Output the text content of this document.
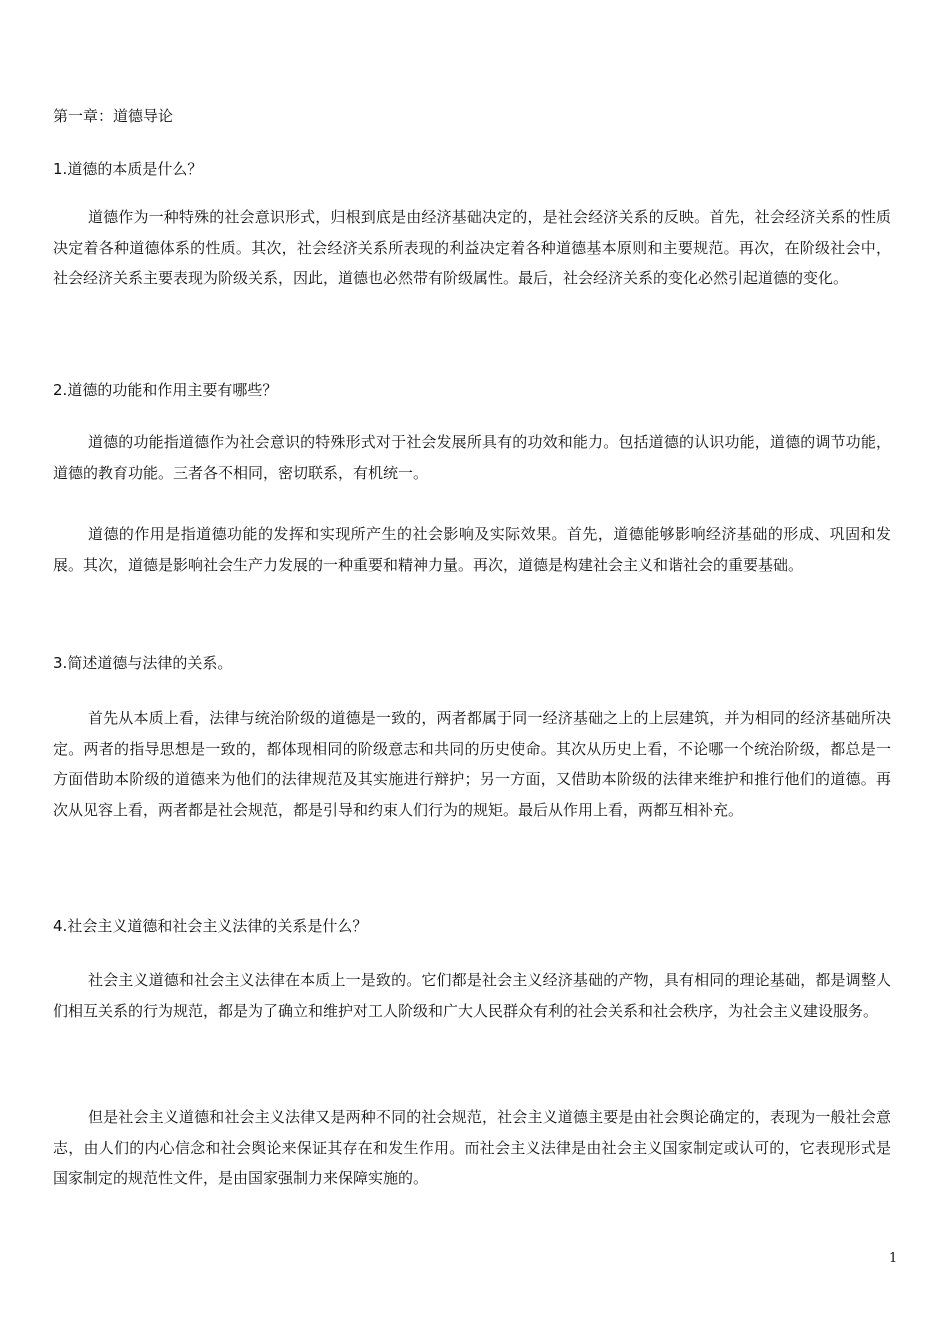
第一章：道德导论
1.道德的本质是什么？

道德作为一种特殊的社会意识形式，归根到底是由经济基础决定的，是社会经济关系的反映。首先，社会经济关系的性质决定着各种道德体系的性质。其次，社会经济关系所表现的利益决定着各种道德基本原则和主要规范。再次，在阶级社会中，社会经济关系主要表现为阶级关系，因此，道德也必然带有阶级属性。最后，社会经济关系的变化必然引起道德的变化。

2.道德的功能和作用主要有哪些？

道德的功能指道德作为社会意识的特殊形式对于社会发展所具有的功效和能力。包括道德的认识功能，道德的调节功能，道德的教育功能。三者各不相同，密切联系，有机统一。

道德的作用是指道德功能的发挥和实现所产生的社会影响及实际效果。首先，道德能够影响经济基础的形成、巩固和发展。其次，道德是影响社会生产力发展的一种重要和精神力量。再次，道德是构建社会主义和谐社会的重要基础。

3.简述道德与法律的关系。

首先从本质上看，法律与统治阶级的道德是一致的，两者都属于同一经济基础之上的上层建筑，并为相同的经济基础所决定。两者的指导思想是一致的，都体现相同的阶级意志和共同的历史使命。其次从历史上看，不论哪一个统治阶级，都总是一方面借助本阶级的道德来为他们的法律规范及其实施进行辩护；另一方面，又借助本阶级的法律来维护和推行他们的道德。再次从见容上看，两者都是社会规范，都是引导和约束人们行为的规矩。最后从作用上看，两都互相补充。

4.社会主义道德和社会主义法律的关系是什么？

社会主义道德和社会主义法律在本质上一是致的。它们都是社会主义经济基础的产物，具有相同的理论基础，都是调整人们相互关系的行为规范，都是为了确立和维护对工人阶级和广大人民群众有利的社会关系和社会秩序，为社会主义建设服务。

但是社会主义道德和社会主义法律又是两种不同的社会规范，社会主义道德主要是由社会舆论确定的，表现为一般社会意志，由人们的内心信念和社会舆论来保证其存在和发生作用。而社会主义法律是由社会主义国家制定或认可的，它表现形式是国家制定的规范性文件，是由国家强制力来保障实施的。

1
